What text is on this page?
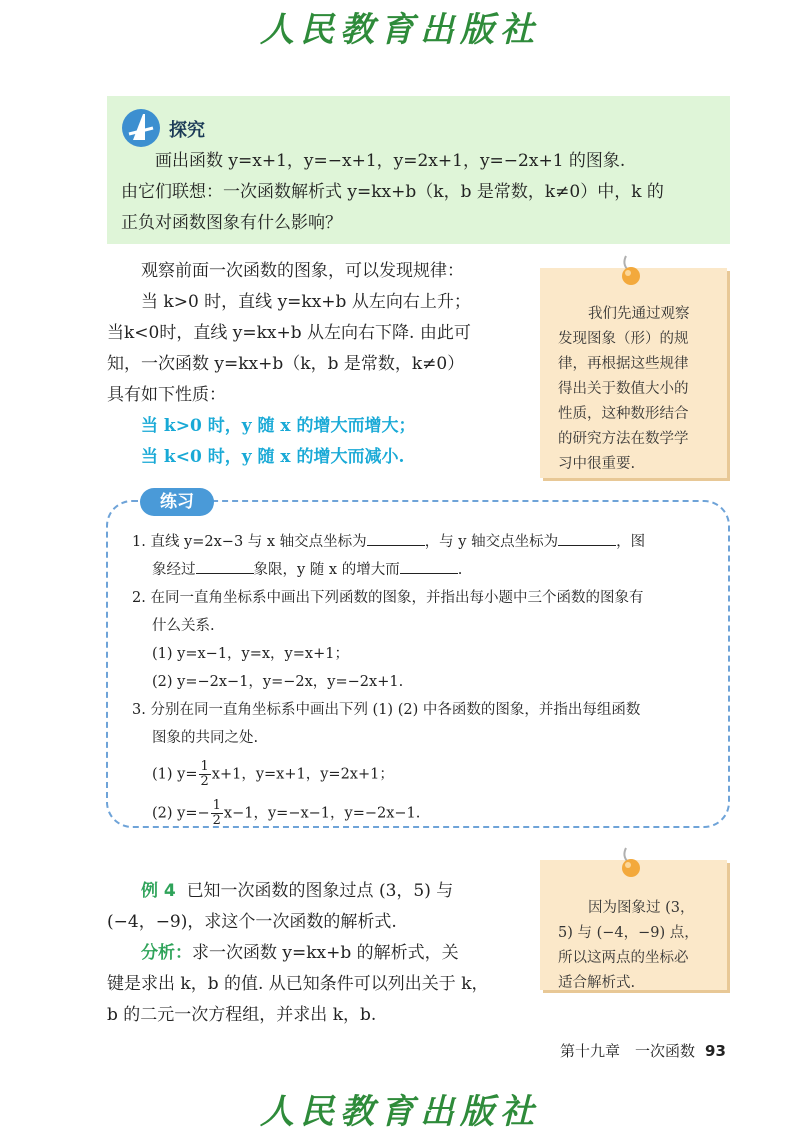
人民教育出版社
探究
画出函数 y=x+1，y=−x+1，y=2x+1，y=−2x+1 的图象.
由它们联想：一次函数解析式 y=kx+b（k，b 是常数，k≠0）中，k 的
正负对函数图象有什么影响？

观察前面一次函数的图象，可以发现规律：

当 k>0 时，直线 y=kx+b 从左向右上升；

当k<0时，直线 y=kx+b 从左向右下降. 由此可

知，一次函数 y=kx+b（k，b 是常数，k≠0）

具有如下性质：

当 k>0 时，y 随 x 的增大而增大；

当 k<0 时，y 随 x 的增大而减小.

我们先通过观察
发现图象（形）的规
律，再根据这些规律
得出关于数值大小的
性质，这种数形结合
的研究方法在数学学
习中很重要.
练习

1. 直线 y=2x−3 与 x 轴交点坐标为	，与 y 轴交点坐标为	，图

象经过	象限，y 随 x 的增大而	.

2. 在同一直角坐标系中画出下列函数的图象，并指出每小题中三个函数的图象有

什么关系.

(1) y=x−1，y=x，y=x+1；

(2) y=−2x−1，y=−2x，y=−2x+1.

3. 分别在同一直角坐标系中画出下列 (1) (2) 中各函数的图象，并指出每组函数

图象的共同之处.

(1) $y= \frac{1}{2} x+1$，y=x+1，y=2x+1；

(2) $y=- \frac{1}{2} x-1$，y=−x−1，y=−2x−1.

例 4 已知一次函数的图象过点 (3，5) 与

(−4，−9)，求这个一次函数的解析式.

分析：求一次函数 y=kx+b 的解析式，关

键是求出 k，b 的值. 从已知条件可以列出关于 k，

b 的二元一次方程组，并求出 k，b.

因为图象过 (3，
5) 与 (−4，−9) 点，
所以这两点的坐标必
适合解析式.
第十九章　一次函数 93
人民教育出版社
